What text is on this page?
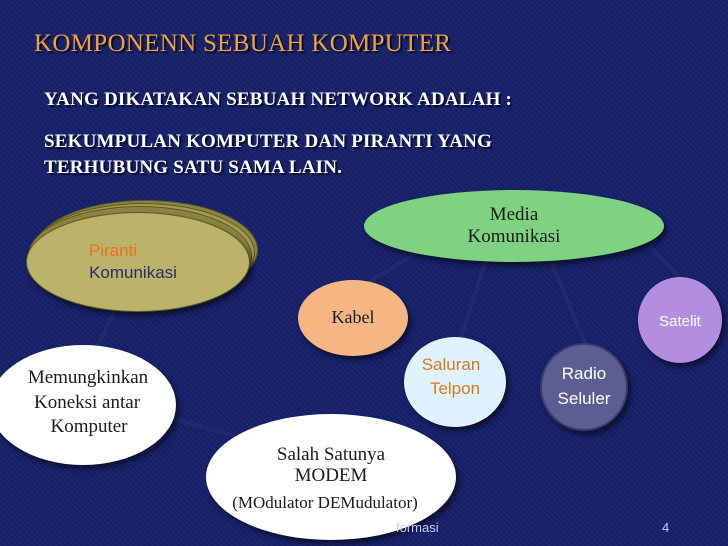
KOMPONENN SEBUAH KOMPUTER
YANG DIKATAKAN SEBUAH NETWORK ADALAH :
SEKUMPULAN KOMPUTER DAN PIRANTI YANG
TERHUBUNG SATU SAMA LAIN.
Piranti
Komunikasi
Media
Komunikasi
Kabel	Satelit
Saluran
Telpon
Radio
Seluler
Memungkinkan
Koneksi antar
Komputer
Salah Satunya
MODEM
(MOdulator DEMudulator)
formasi	4
